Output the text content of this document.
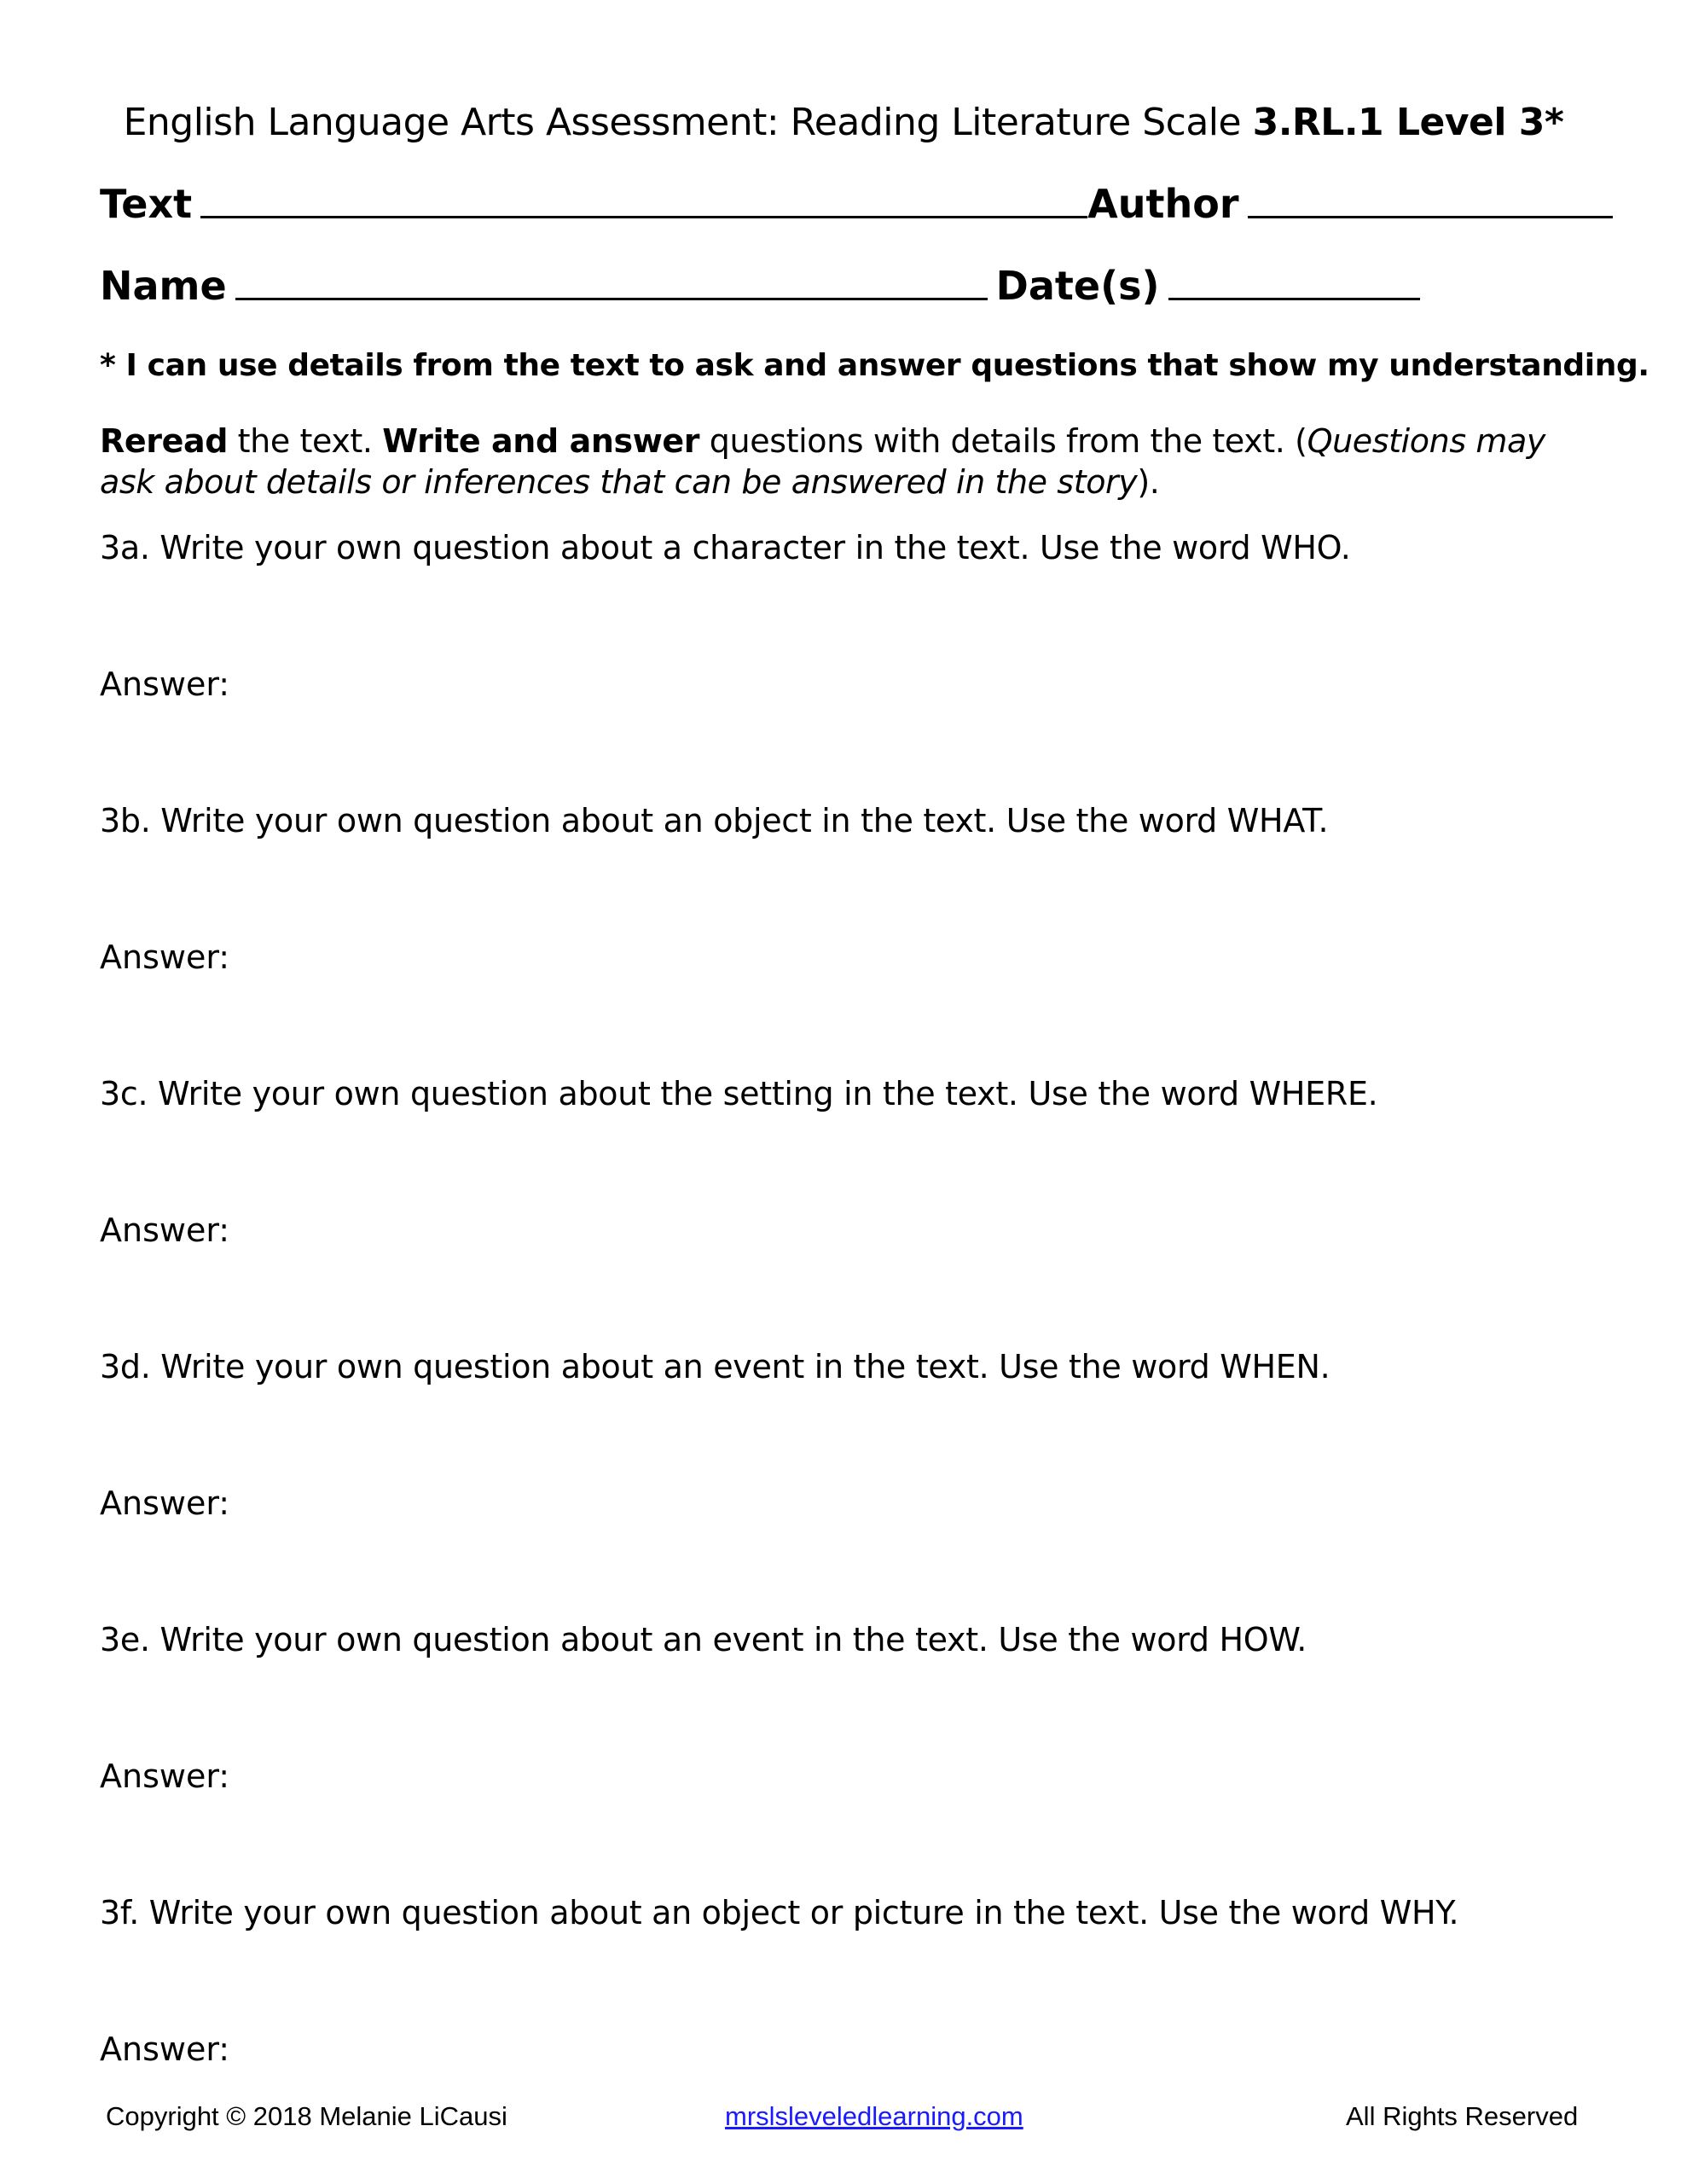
English Language Arts Assessment: Reading Literature Scale 3.RL.1 Level 3*
Text	Author
Name	Date(s)
* I can use details from the text to ask and answer questions that show my understanding.
Reread the text. Write and answer questions with details from the text. (Questions may ask about details or inferences that can be answered in the story).
3a. Write your own question about a character in the text. Use the word WHO.
Answer:
3b. Write your own question about an object in the text. Use the word WHAT.
Answer:
3c. Write your own question about the setting in the text. Use the word WHERE.
Answer:
3d. Write your own question about an event in the text. Use the word WHEN.
Answer:
3e. Write your own question about an event in the text. Use the word HOW.
Answer:
3f. Write your own question about an object or picture in the text. Use the word WHY.
Answer:
Copyright © 2018 Melanie LiCausi	mrslsleveledlearning.com	All Rights Reserved
